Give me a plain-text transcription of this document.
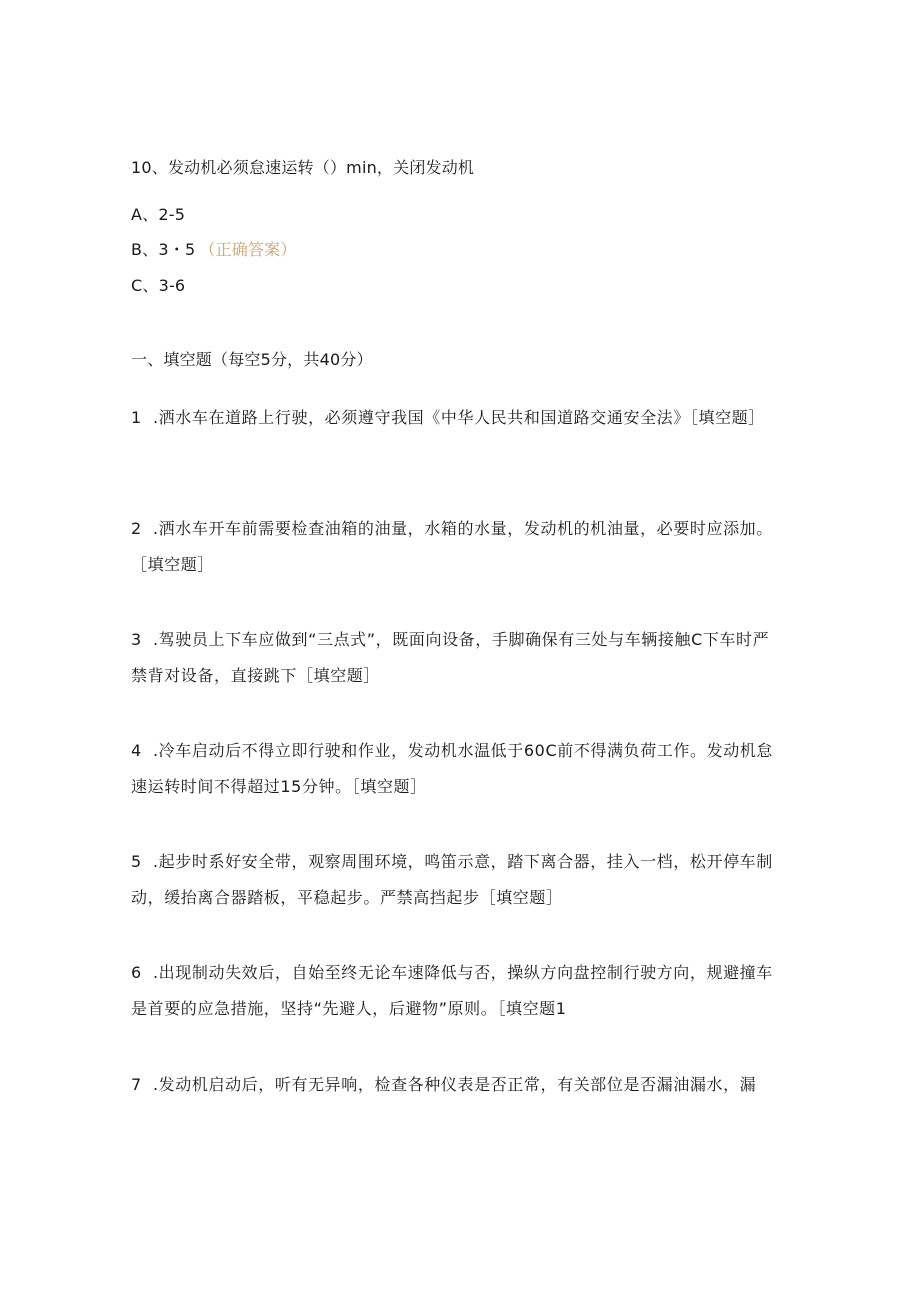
10、发动机必须怠速运转（）min，关闭发动机
A、2-5
B、3・5 （正确答案）
C、3-6
一、填空题（每空5分，共40分）
1 .洒水车在道路上行驶，必须遵守我国《中华人民共和国道路交通安全法》［填空题］
2 .洒水车开车前需要检查油箱的油量，水箱的水量，发动机的机油量，必要时应添加。［填空题］
3 .驾驶员上下车应做到“三点式”，既面向设备，手脚确保有三处与车辆接触C下车时严禁背对设备，直接跳下［填空题］
4 .冷车启动后不得立即行驶和作业，发动机水温低于60C前不得满负荷工作。发动机怠速运转时间不得超过15分钟。［填空题］
5 .起步时系好安全带，观察周围环境，鸣笛示意，踏下离合器，挂入一档，松开停车制动，缓抬离合器踏板，平稳起步。严禁高挡起步［填空题］
6 .出现制动失效后，自始至终无论车速降低与否，操纵方向盘控制行驶方向，规避撞车是首要的应急措施，坚持“先避人，后避物”原则。［填空题1
7 .发动机启动后，听有无异响，检查各种仪表是否正常，有关部位是否漏油漏水，漏
